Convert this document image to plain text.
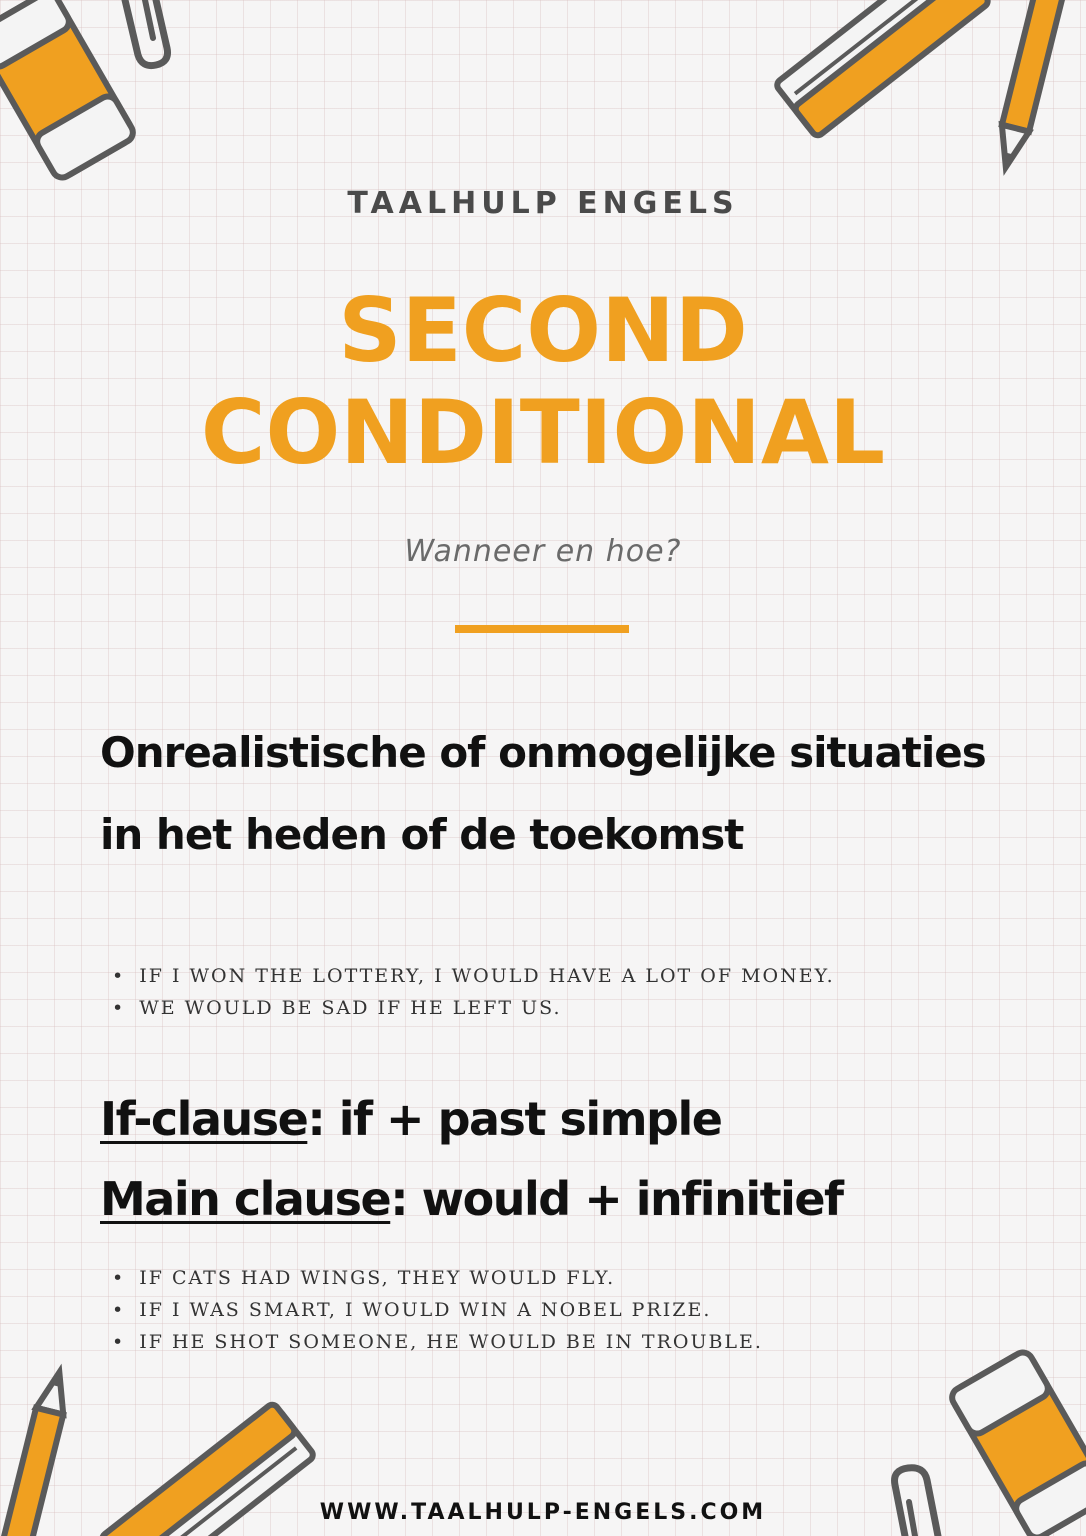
TAALHULP ENGELS

SECOND
CONDITIONAL

Wanneer en hoe?

Onrealistische of onmogelijke situaties in het heden of de toekomst
• IF I WON THE LOTTERY, I WOULD HAVE A LOT OF MONEY.
• WE WOULD BE SAD IF HE LEFT US.

If-clause: if + past simple

Main clause: would + infinitief

• IF CATS HAD WINGS, THEY WOULD FLY.
• IF I WAS SMART, I WOULD WIN A NOBEL PRIZE.
• IF HE SHOT SOMEONE, HE WOULD BE IN TROUBLE.

WWW.TAALHULP-ENGELS.COM
